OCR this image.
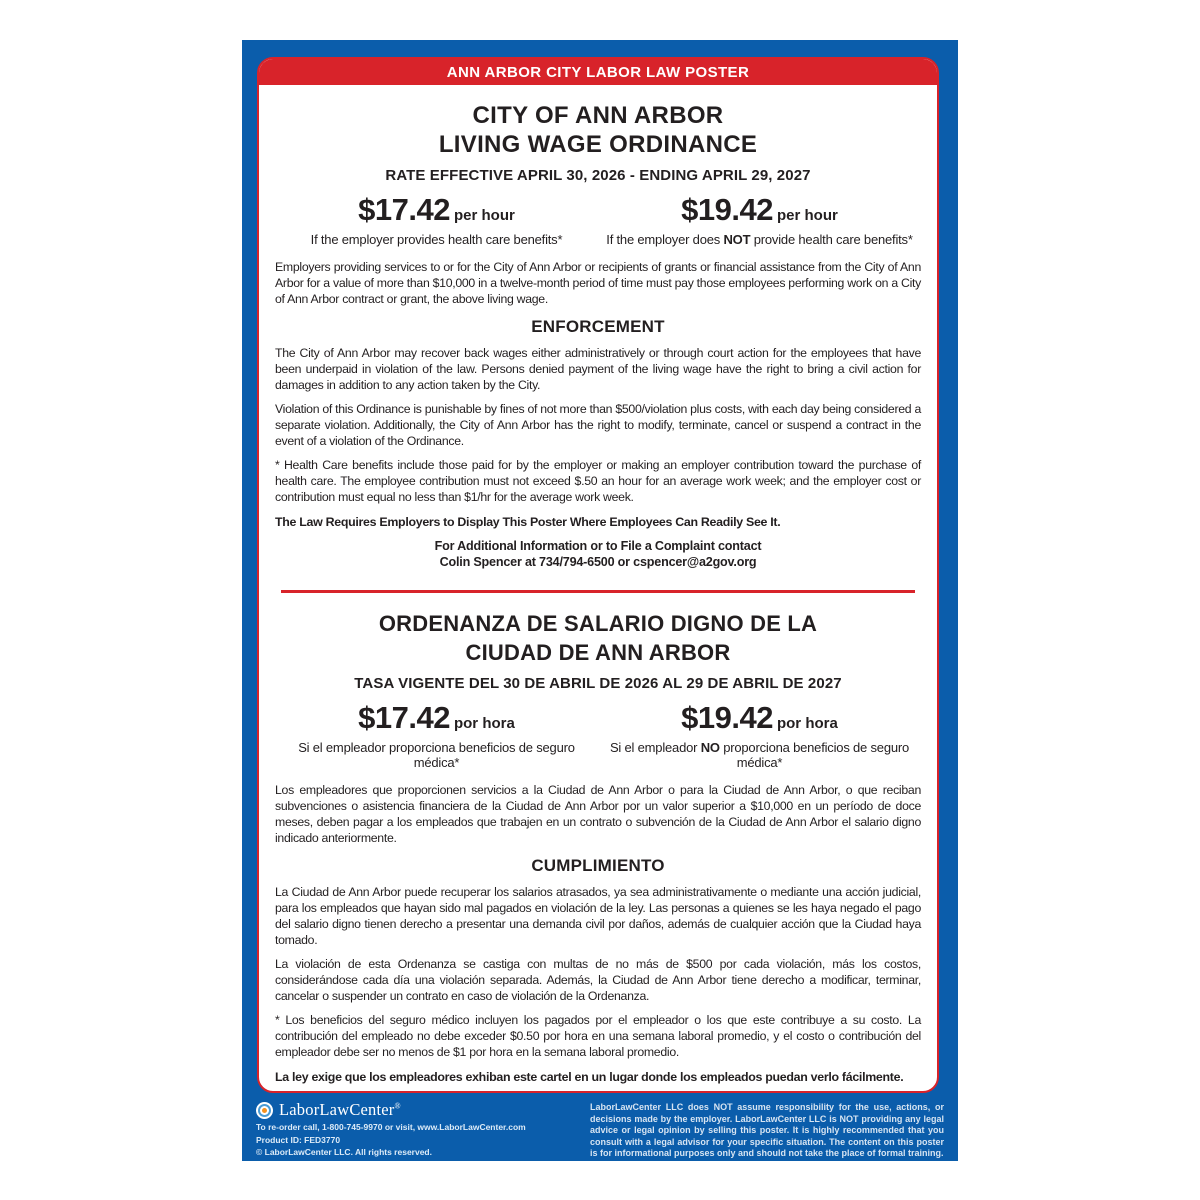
ANN ARBOR CITY LABOR LAW POSTER
CITY OF ANN ARBOR
LIVING WAGE ORDINANCE
RATE EFFECTIVE APRIL 30, 2026 - ENDING APRIL 29, 2027
$17.42 per hour
If the employer provides health care benefits*
$19.42 per hour
If the employer does NOT provide health care benefits*

Employers providing services to or for the City of Ann Arbor or recipients of grants or financial assistance from the City of Ann Arbor for a value of more than $10,000 in a twelve-month period of time must pay those employees performing work on a City of Ann Arbor contract or grant, the above living wage.

ENFORCEMENT

The City of Ann Arbor may recover back wages either administratively or through court action for the employees that have been underpaid in violation of the law. Persons denied payment of the living wage have the right to bring a civil action for damages in addition to any action taken by the City.

Violation of this Ordinance is punishable by fines of not more than $500/violation plus costs, with each day being considered a separate violation. Additionally, the City of Ann Arbor has the right to modify, terminate, cancel or suspend a contract in the event of a violation of the Ordinance.

* Health Care benefits include those paid for by the employer or making an employer contribution toward the purchase of health care. The employee contribution must not exceed $.50 an hour for an average work week; and the employer cost or contribution must equal no less than $1/hr for the average work week.

The Law Requires Employers to Display This Poster Where Employees Can Readily See It.
For Additional Information or to File a Complaint contact
Colin Spencer at 734/794-6500 or cspencer@a2gov.org
ORDENANZA DE SALARIO DIGNO DE LA
CIUDAD DE ANN ARBOR
TASA VIGENTE DEL 30 DE ABRIL DE 2026 AL 29 DE ABRIL DE 2027
$17.42 por hora
Si el empleador proporciona beneficios de seguro médica*
$19.42 por hora
Si el empleador NO proporciona beneficios de seguro médica*

Los empleadores que proporcionen servicios a la Ciudad de Ann Arbor o para la Ciudad de Ann Arbor, o que reciban subvenciones o asistencia financiera de la Ciudad de Ann Arbor por un valor superior a $10,000 en un período de doce meses, deben pagar a los empleados que trabajen en un contrato o subvención de la Ciudad de Ann Arbor el salario digno indicado anteriormente.

CUMPLIMIENTO

La Ciudad de Ann Arbor puede recuperar los salarios atrasados, ya sea administrativamente o mediante una acción judicial, para los empleados que hayan sido mal pagados en violación de la ley. Las personas a quienes se les haya negado el pago del salario digno tienen derecho a presentar una demanda civil por daños, además de cualquier acción que la Ciudad haya tomado.

La violación de esta Ordenanza se castiga con multas de no más de $500 por cada violación, más los costos, considerándose cada día una violación separada. Además, la Ciudad de Ann Arbor tiene derecho a modificar, terminar, cancelar o suspender un contrato en caso de violación de la Ordenanza.

* Los beneficios del seguro médico incluyen los pagados por el empleador o los que este contribuye a su costo. La contribución del empleado no debe exceder $0.50 por hora en una semana laboral promedio, y el costo o contribución del empleador debe ser no menos de $1 por hora en la semana laboral promedio.

La ley exige que los empleadores exhiban este cartel en un lugar donde los empleados puedan verlo fácilmente.
LaborLawCenter®
To re-order call, 1-800-745-9970 or visit, www.LaborLawCenter.com
Product ID: FED3770
© LaborLawCenter LLC. All rights reserved.
LaborLawCenter LLC does NOT assume responsibility for the use, actions, or decisions made by the employer. LaborLawCenter LLC is NOT providing any legal advice or legal opinion by selling this poster. It is highly recommended that you consult with a legal advisor for your specific situation. The content on this poster is for informational purposes only and should not take the place of formal training.
